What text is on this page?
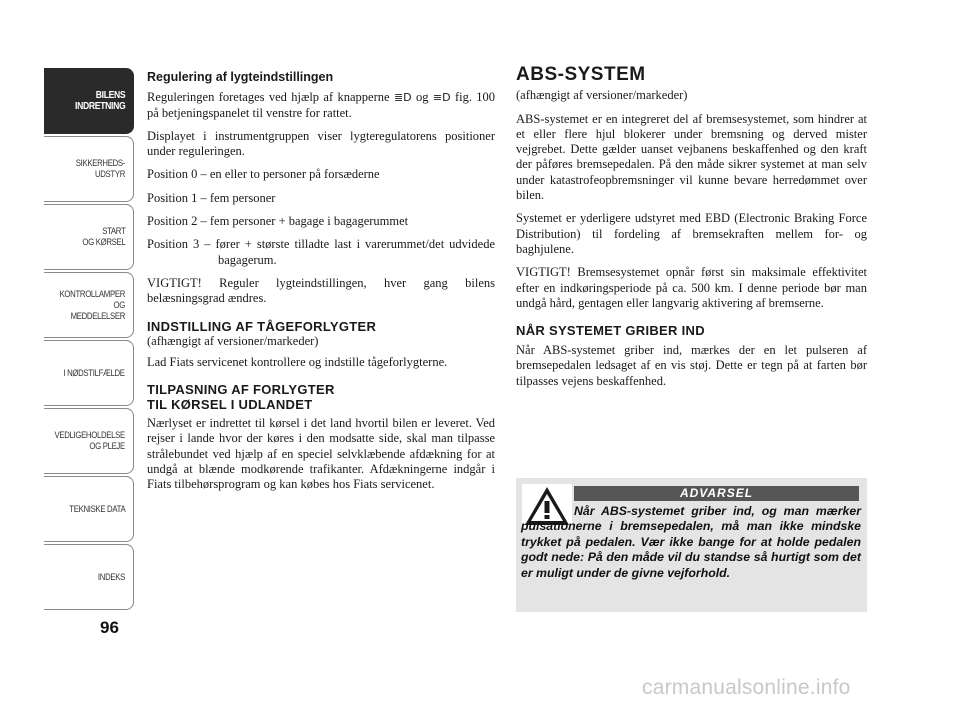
BILENS
INDRETNING
SIKKERHEDS-
UDSTYR
START
OG KØRSEL
KONTROLLAMPER
OG MEDDELELSER
I NØDSTILFÆLDE
VEDLIGEHOLDELSE
OG PLEJE
TEKNISKE DATA
INDEKS
96
Regulering af lygteindstillingen

Reguleringen foretages ved hjælp af knapperne ≣D og ≡D fig. 100 på betjeningspanelet til venstre for rattet.

Displayet i instrumentgruppen viser lygteregulatorens positioner under reguleringen.

Position 0 – en eller to personer på forsæderne

Position 1 – fem personer

Position 2 – fem personer + bagage i bagagerummet

Position 3 – fører + største tilladte last i varerummet/det udvidede bagagerum.

VIGTIGT! Reguler lygteindstillingen, hver gang bilens belæsningsgrad ændres.

INDSTILLING AF TÅGEFORLYGTER

(afhængigt af versioner/markeder)

Lad Fiats servicenet kontrollere og indstille tågeforlygterne.

TILPASNING AF FORLYGTER
TIL KØRSEL I UDLANDET

Nærlyset er indrettet til kørsel i det land hvortil bilen er leveret. Ved rejser i lande hvor der køres i den modsatte side, skal man tilpasse strålebundet ved hjælp af en speciel selvklæbende afdækning for at undgå at blænde modkørende trafikanter. Afdækningerne indgår i Fiats tilbehørsprogram og kan købes hos Fiats servicenet.

ABS-SYSTEM

(afhængigt af versioner/markeder)

ABS-systemet er en integreret del af bremsesystemet, som hindrer at et eller flere hjul blokerer under bremsning og derved mister vejgrebet. Dette gælder uanset vejbanens beskaffenhed og den kraft der påføres bremsepedalen. På den måde sikrer systemet at man selv under katastrofeopbremsninger vil kunne bevare herredømmet over bilen.

Systemet er yderligere udstyret med EBD (Electronic Braking Force Distribution) til fordeling af bremsekraften mellem for- og baghjulene.

VIGTIGT! Bremsesystemet opnår først sin maksimale effektivitet efter en indkøringsperiode på ca. 500 km. I denne periode bør man undgå hård, gentagen eller langvarig aktivering af bremserne.

NÅR SYSTEMET GRIBER IND

Når ABS-systemet griber ind, mærkes der en let pulseren af bremsepedalen ledsaget af en vis støj. Dette er tegn på at farten bør tilpasses vejens beskaffenhed.

ADVARSEL
Når ABS-systemet griber ind, og man mærker pulsationerne i bremsepedalen, må man ikke mindske trykket på pedalen. Vær ikke bange for at holde pedalen godt nede: På den måde vil du standse så hurtigt som det er muligt under de givne vejforhold.
carmanualsonline.info
